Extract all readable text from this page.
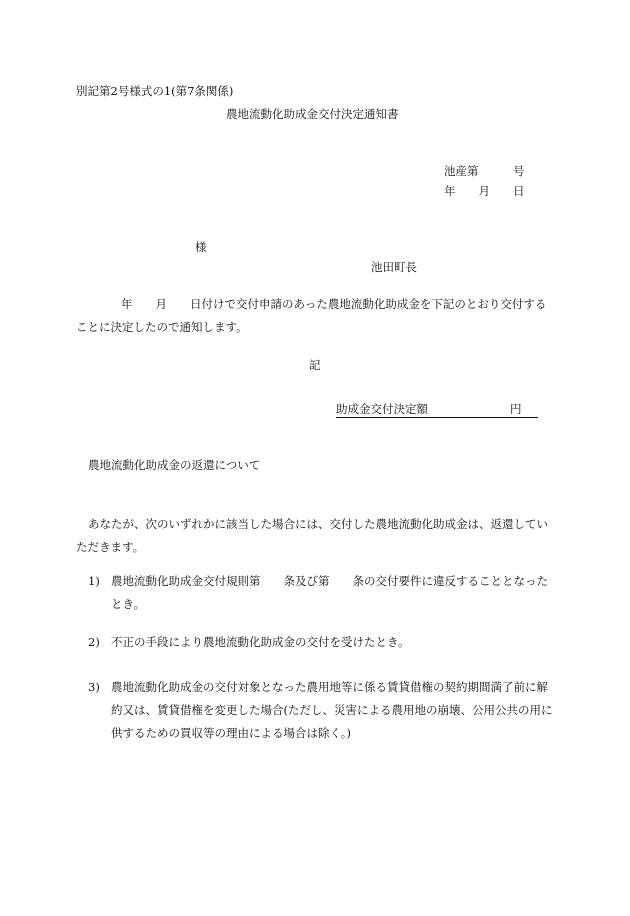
別記第2号様式の1(第7条関係)
農地流動化助成金交付決定通知書
池産第　　　号
年　　月　　日
様
池田町長
年　　月　　日付けで交付申請のあった農地流動化助成金を下記のとおり交付することに決定したので通知します。
記
助成金交付決定額	円
農地流動化助成金の返還について
あなたが、次のいずれかに該当した場合には、交付した農地流動化助成金は、返還していただきます。
1) 農地流動化助成金交付規則第　　条及び第　　条の交付要件に違反することとなったとき。
2) 不正の手段により農地流動化助成金の交付を受けたとき。
3) 農地流動化助成金の交付対象となった農用地等に係る賃貸借権の契約期間満了前に解約又は、賃貸借権を変更した場合(ただし、災害による農用地の崩壊、公用公共の用に供するための買収等の理由による場合は除く。)
